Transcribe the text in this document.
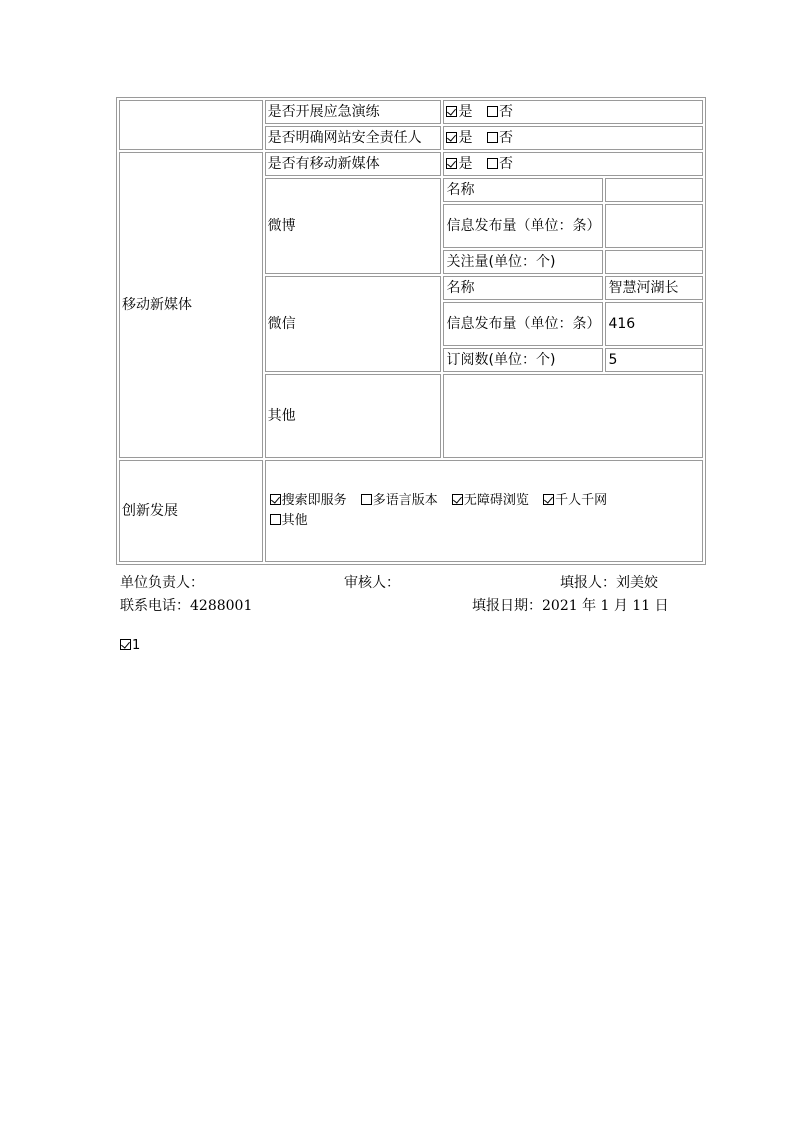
	是否开展应急演练	是 否	
	是否明确网站安全责任人	是 否	
移动新媒体	是否有移动新媒体	是 否	
	微博	名称	
		信息发布量（单位：条）	
		关注量(单位：个)	
	微信	名称	智慧河湖长
		信息发布量（单位：条）	416
		订阅数(单位：个)	5
	其他		
创新发展	搜索即服务 多语言版本 无障碍浏览 千人千网
其他		
单位负责人：	审核人：	填报人：刘美姣
联系电话：4288001	填报日期：2021 年 1 月 11 日
1
